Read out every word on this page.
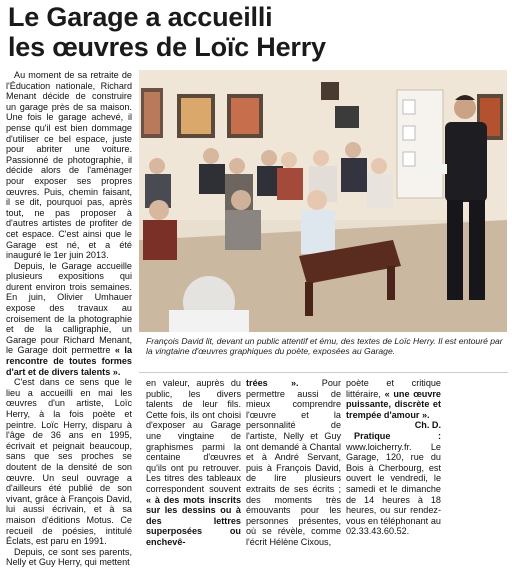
Le Garage a accueilli
les œuvres de Loïc Herry

Au moment de sa retraite de l'Éducation nationale, Richard Menant décide de construire un garage près de sa maison. Une fois le garage achevé, il pense qu'il est bien dommage d'utiliser ce bel espace, juste pour abriter une voiture. Passionné de photographie, il décide alors de l'aménager pour exposer ses propres œuvres. Puis, chemin faisant, il se dit, pourquoi pas, après tout, ne pas proposer à d'autres artistes de profiter de cet espace. C'est ainsi que le Garage est né, et a été inauguré le 1er juin 2013.

Depuis, le Garage accueille plusieurs expositions qui durent environ trois semaines. En juin, Olivier Umhauer expose des travaux au croisement de la photographie et de la calligraphie, un Garage pour Richard Menant, le Garage doit permettre « la rencontre de toutes formes d'art et de divers talents ».

C'est dans ce sens que le lieu a accueilli en mai les œuvres d'un artiste, Loïc Herry, à la fois poète et peintre. Loïc Herry, disparu à l'âge de 36 ans en 1995, écrivait et peignait beaucoup, sans que ses proches se doutent de la densité de son œuvre. Un seul ouvrage a d'ailleurs été publié de son vivant, grâce à François David, lui aussi écrivain, et à sa maison d'éditions Motus. Ce recueil de poésies, intitulé Éclats, est paru en 1991.

Depuis, ce sont ses parents, Nelly et Guy Herry, qui mettent

François David lit, devant un public attentif et ému, des textes de Loïc Herry. Il est entouré par la vingtaine d'œuvres graphiques du poète, exposées au Garage.
en valeur, auprès du public, les divers talents de leur fils. Cette fois, ils ont choisi d'exposer au Garage une vingtaine de graphismes parmi la centaine d'œuvres qu'ils ont pu retrouver. Les titres des tableaux correspondent souvent « à des mots inscrits sur les dessins ou à des lettres superposées ou enchevê-
trées ».	Pour permettre aussi de mieux comprendre l'œuvre et la personnalité de l'artiste, Nelly et Guy ont demandé à Chantal et à André Servant, puis à François David, de lire plusieurs extraits de ses écrits ; des moments très émouvants pour les personnes présentes, où se révèle, comme l'écrit Hélène Cixous,
poète et critique littéraire, « une œuvre puissante, discrète et trempée d'amour ».
Ch. D.

Pratique : www.loicherry.fr. Le Garage, 120, rue du Bois à Cherbourg, est ouvert le vendredi, le samedi et le dimanche de 14 heures à 18 heures, ou sur rendez-vous en téléphonant au 02.33.43.60.52.
